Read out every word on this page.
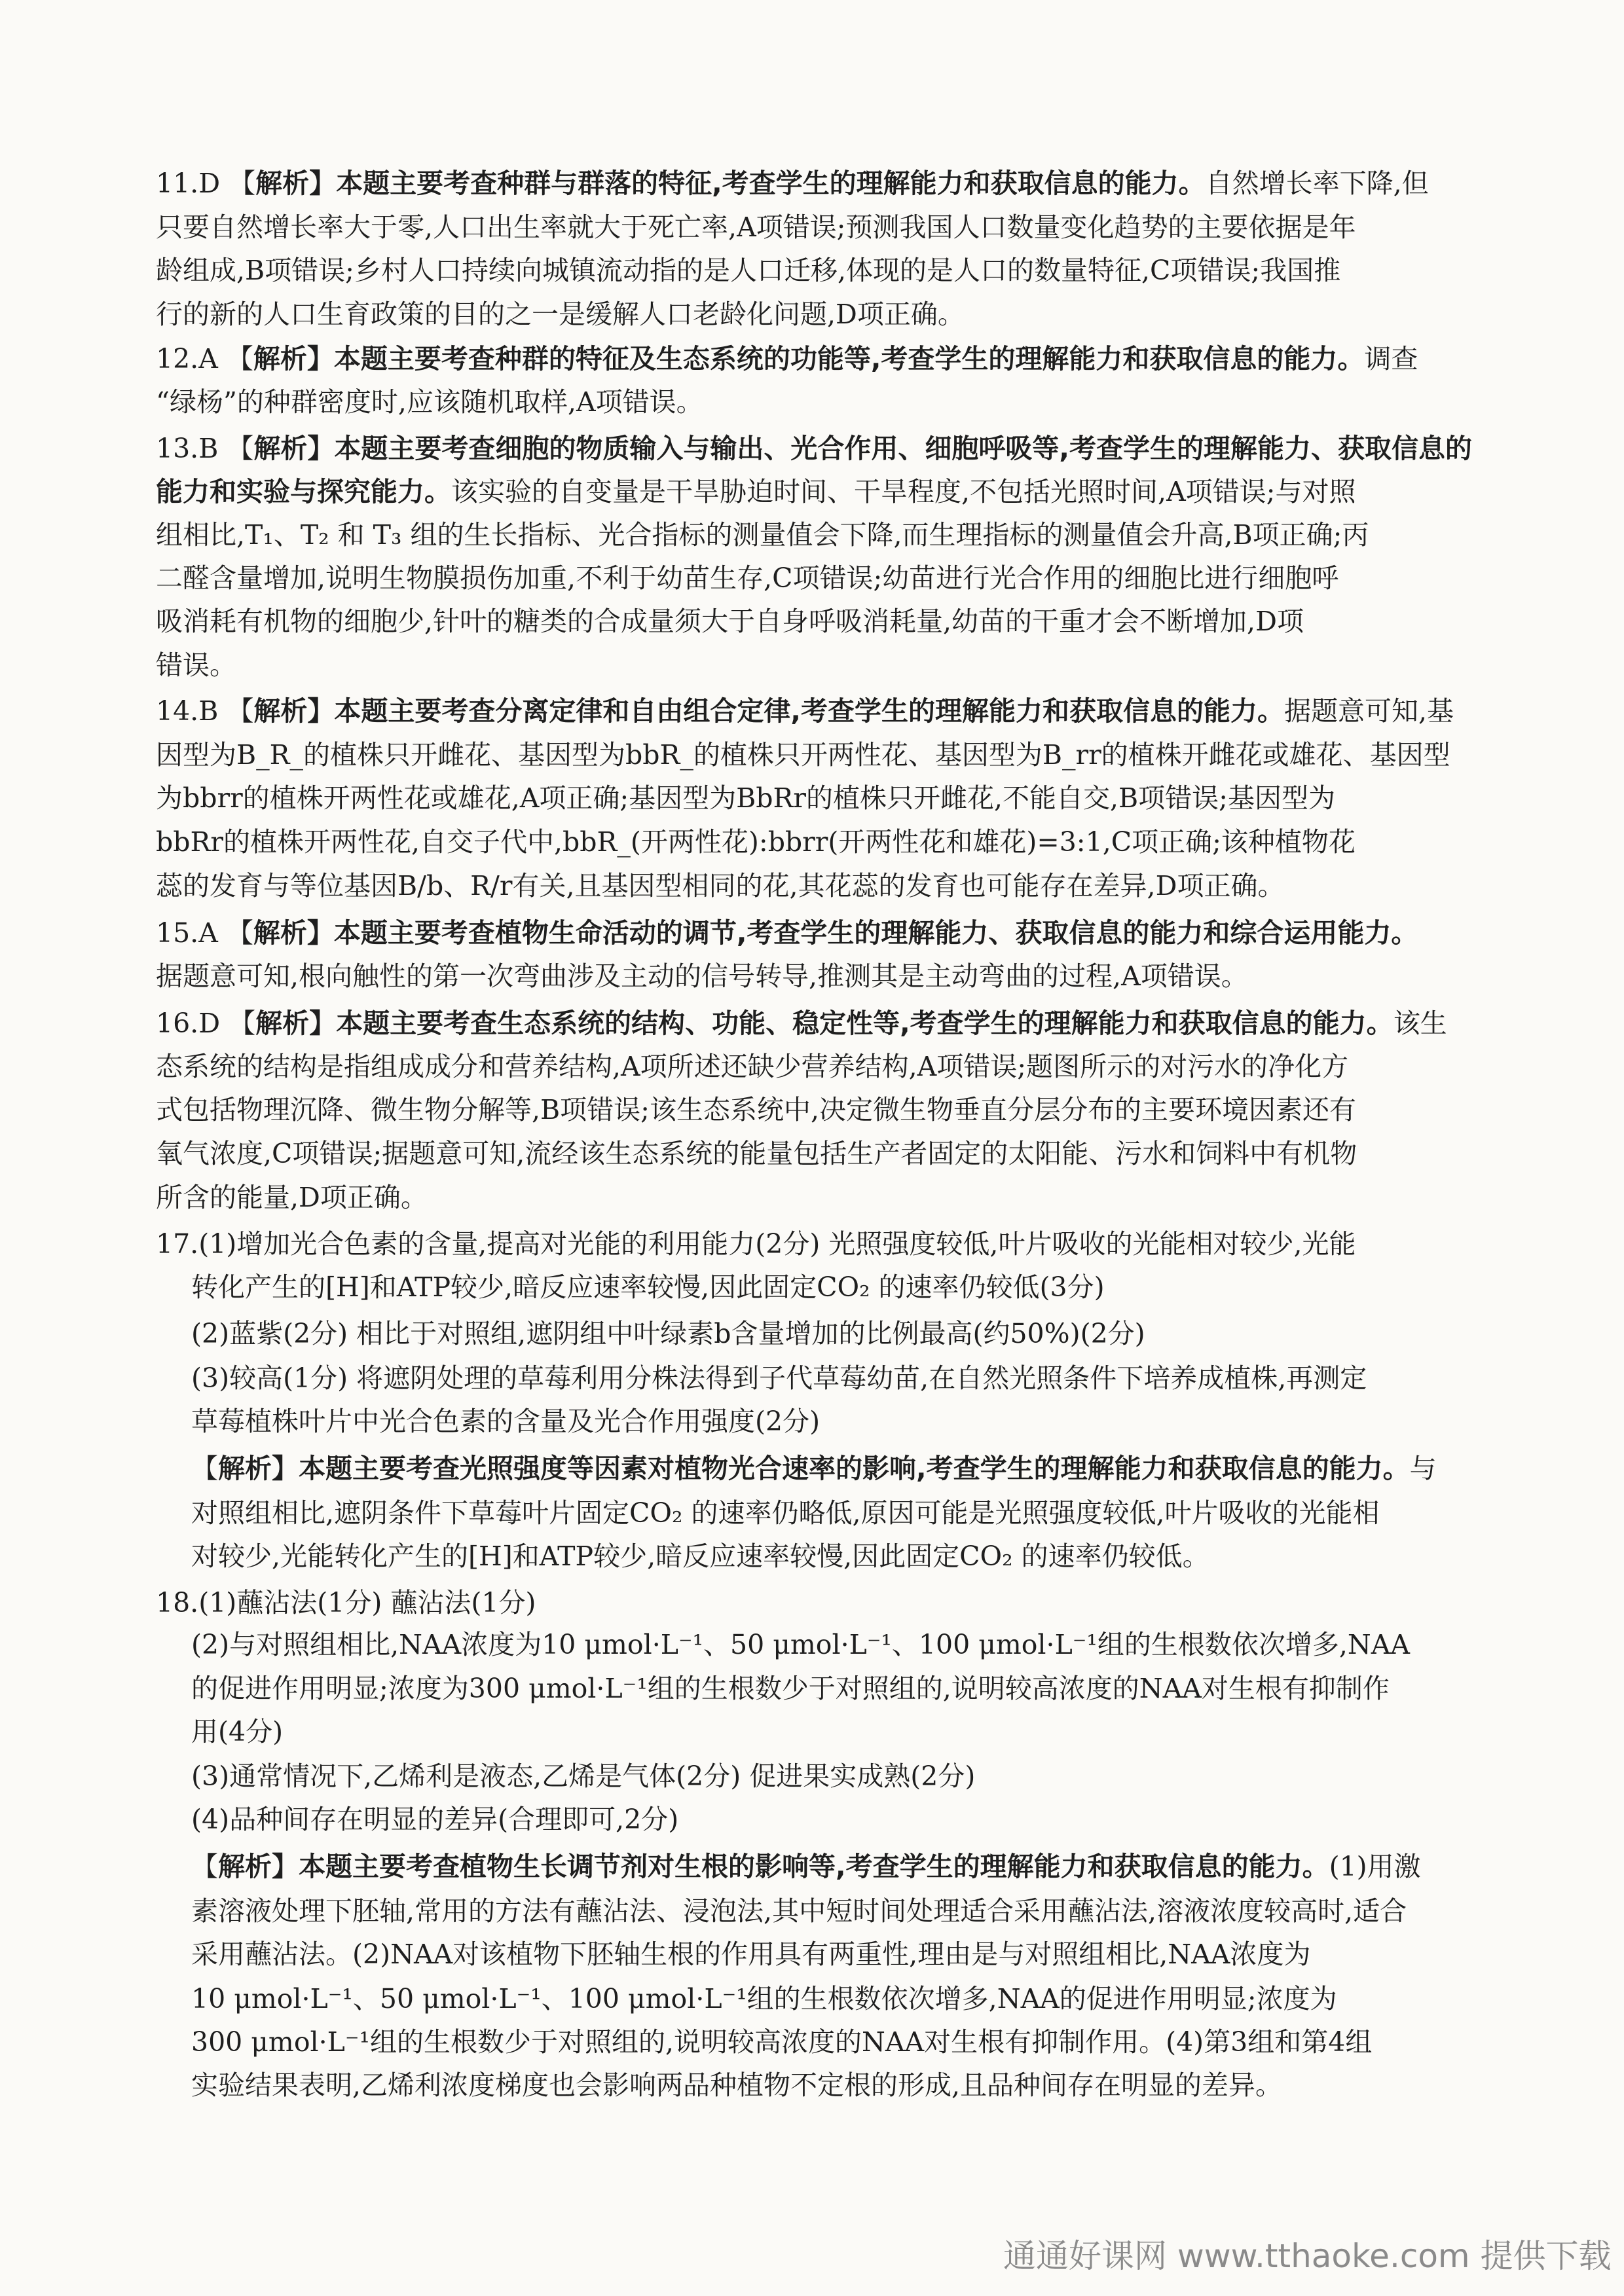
11.D 【解析】本题主要考查种群与群落的特征,考查学生的理解能力和获取信息的能力。自然增长率下降,但
只要自然增长率大于零,人口出生率就大于死亡率,A项错误;预测我国人口数量变化趋势的主要依据是年
龄组成,B项错误;乡村人口持续向城镇流动指的是人口迁移,体现的是人口的数量特征,C项错误;我国推
行的新的人口生育政策的目的之一是缓解人口老龄化问题,D项正确。
12.A 【解析】本题主要考查种群的特征及生态系统的功能等,考查学生的理解能力和获取信息的能力。调查
“绿杨”的种群密度时,应该随机取样,A项错误。
13.B 【解析】本题主要考查细胞的物质输入与输出、光合作用、细胞呼吸等,考查学生的理解能力、获取信息的
能力和实验与探究能力。该实验的自变量是干旱胁迫时间、干旱程度,不包括光照时间,A项错误;与对照
组相比,T₁、T₂ 和 T₃ 组的生长指标、光合指标的测量值会下降,而生理指标的测量值会升高,B项正确;丙
二醛含量增加,说明生物膜损伤加重,不利于幼苗生存,C项错误;幼苗进行光合作用的细胞比进行细胞呼
吸消耗有机物的细胞少,针叶的糖类的合成量须大于自身呼吸消耗量,幼苗的干重才会不断增加,D项
错误。
14.B 【解析】本题主要考查分离定律和自由组合定律,考查学生的理解能力和获取信息的能力。据题意可知,基
因型为B_R_的植株只开雌花、基因型为bbR_的植株只开两性花、基因型为B_rr的植株开雌花或雄花、基因型
为bbrr的植株开两性花或雄花,A项正确;基因型为BbRr的植株只开雌花,不能自交,B项错误;基因型为
bbRr的植株开两性花,自交子代中,bbR_(开两性花):bbrr(开两性花和雄花)=3:1,C项正确;该种植物花
蕊的发育与等位基因B/b、R/r有关,且基因型相同的花,其花蕊的发育也可能存在差异,D项正确。
15.A 【解析】本题主要考查植物生命活动的调节,考查学生的理解能力、获取信息的能力和综合运用能力。
据题意可知,根向触性的第一次弯曲涉及主动的信号转导,推测其是主动弯曲的过程,A项错误。
16.D 【解析】本题主要考查生态系统的结构、功能、稳定性等,考查学生的理解能力和获取信息的能力。该生
态系统的结构是指组成成分和营养结构,A项所述还缺少营养结构,A项错误;题图所示的对污水的净化方
式包括物理沉降、微生物分解等,B项错误;该生态系统中,决定微生物垂直分层分布的主要环境因素还有
氧气浓度,C项错误;据题意可知,流经该生态系统的能量包括生产者固定的太阳能、污水和饲料中有机物
所含的能量,D项正确。
17.(1)增加光合色素的含量,提高对光能的利用能力(2分) 光照强度较低,叶片吸收的光能相对较少,光能
转化产生的[H]和ATP较少,暗反应速率较慢,因此固定CO₂ 的速率仍较低(3分)
(2)蓝紫(2分) 相比于对照组,遮阴组中叶绿素b含量增加的比例最高(约50%)(2分)
(3)较高(1分) 将遮阴处理的草莓利用分株法得到子代草莓幼苗,在自然光照条件下培养成植株,再测定
草莓植株叶片中光合色素的含量及光合作用强度(2分)
【解析】本题主要考查光照强度等因素对植物光合速率的影响,考查学生的理解能力和获取信息的能力。与
对照组相比,遮阴条件下草莓叶片固定CO₂ 的速率仍略低,原因可能是光照强度较低,叶片吸收的光能相
对较少,光能转化产生的[H]和ATP较少,暗反应速率较慢,因此固定CO₂ 的速率仍较低。
18.(1)蘸沾法(1分) 蘸沾法(1分)
(2)与对照组相比,NAA浓度为10 μmol·L⁻¹、50 μmol·L⁻¹、100 μmol·L⁻¹组的生根数依次增多,NAA
的促进作用明显;浓度为300 μmol·L⁻¹组的生根数少于对照组的,说明较高浓度的NAA对生根有抑制作
用(4分)
(3)通常情况下,乙烯利是液态,乙烯是气体(2分) 促进果实成熟(2分)
(4)品种间存在明显的差异(合理即可,2分)
【解析】本题主要考查植物生长调节剂对生根的影响等,考查学生的理解能力和获取信息的能力。(1)用激
素溶液处理下胚轴,常用的方法有蘸沾法、浸泡法,其中短时间处理适合采用蘸沾法,溶液浓度较高时,适合
采用蘸沾法。(2)NAA对该植物下胚轴生根的作用具有两重性,理由是与对照组相比,NAA浓度为
10 μmol·L⁻¹、50 μmol·L⁻¹、100 μmol·L⁻¹组的生根数依次增多,NAA的促进作用明显;浓度为
300 μmol·L⁻¹组的生根数少于对照组的,说明较高浓度的NAA对生根有抑制作用。(4)第3组和第4组
实验结果表明,乙烯利浓度梯度也会影响两品种植物不定根的形成,且品种间存在明显的差异。
通通好课网 www.tthaoke.com 提供下载
